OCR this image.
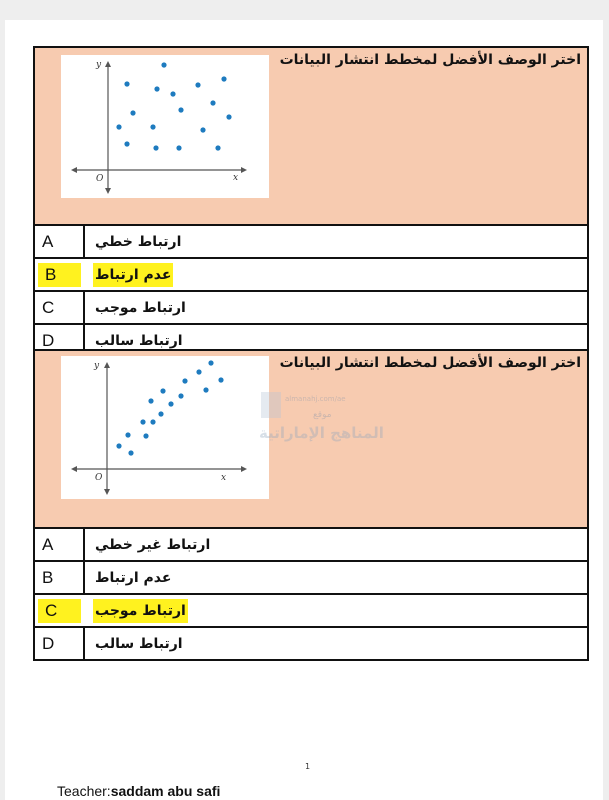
اختر الوصف الأفضل لمخطط انتشار البيانات
y
x
O
A	ارتباط خطي
B	عدم ارتباط
C	ارتباط موجب
D	ارتباط سالب
اختر الوصف الأفضل لمخطط انتشار البيانات
y
x
O
A	ارتباط غير خطي
B	عدم ارتباط
C	ارتباط موجب
D	ارتباط سالب
almanahj.com/ae
موقع
المناهج الإماراتية
1
Teacher:saddam abu safi
